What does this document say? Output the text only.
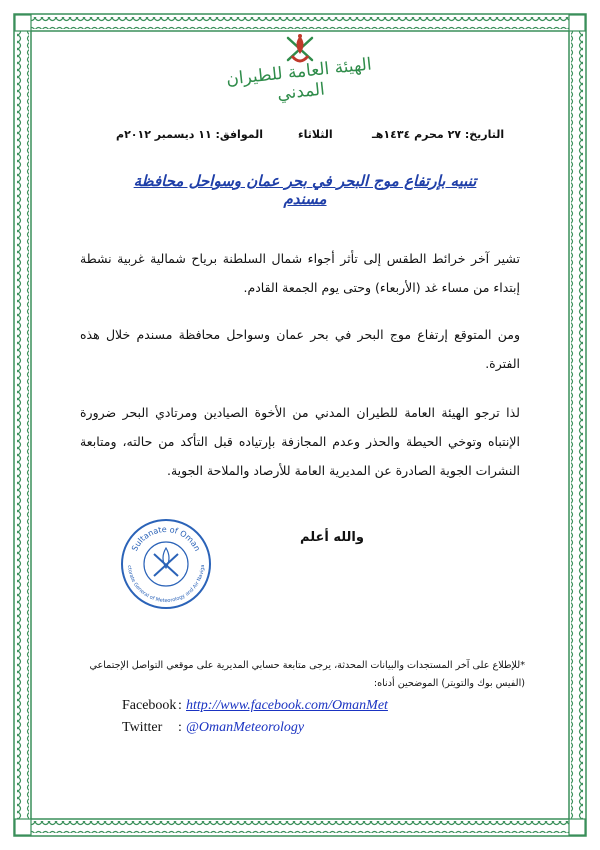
الهيئة العامة للطيران المدني
التاريخ: ٢٧ محرم ١٤٣٤هـ
الثلاثاء
الموافق: ١١ ديسمبر ٢٠١٢م
تنبيه بإرتفاع موج البحر في بحر عمان وسواحل محافظة مسندم
تشير آخر خرائط الطقس إلى تأثر أجواء شمال السلطنة برياح شمالية غربية نشطة إبتداء من مساء غد (الأربعاء) وحتى يوم الجمعة القادم.
ومن المتوقع إرتفاع موج البحر في بحر عمان وسواحل محافظة مسندم خلال هذه الفترة.
لذا ترجو الهيئة العامة للطيران المدني من الأخوة الصيادين ومرتادي البحر ضرورة الإنتباه وتوخي الحيطة والحذر وعدم المجازفة بإرتياده قبل التأكد من حالته، ومتابعة النشرات الجوية الصادرة عن المديرية العامة للأرصاد والملاحة الجوية.
والله أعلم
Sultanate of Oman
ctorate General of Meteorology and Air Naviga
*للإطلاع على آخر المستجدات والبيانات المحدثة، يرجى متابعة حسابي المديرية على موقعي التواصل الإجتماعي (الفيس بوك والتويتر) الموضحين أدناه:
Facebook : http://www.facebook.com/OmanMet
Twitter : @OmanMeteorology
